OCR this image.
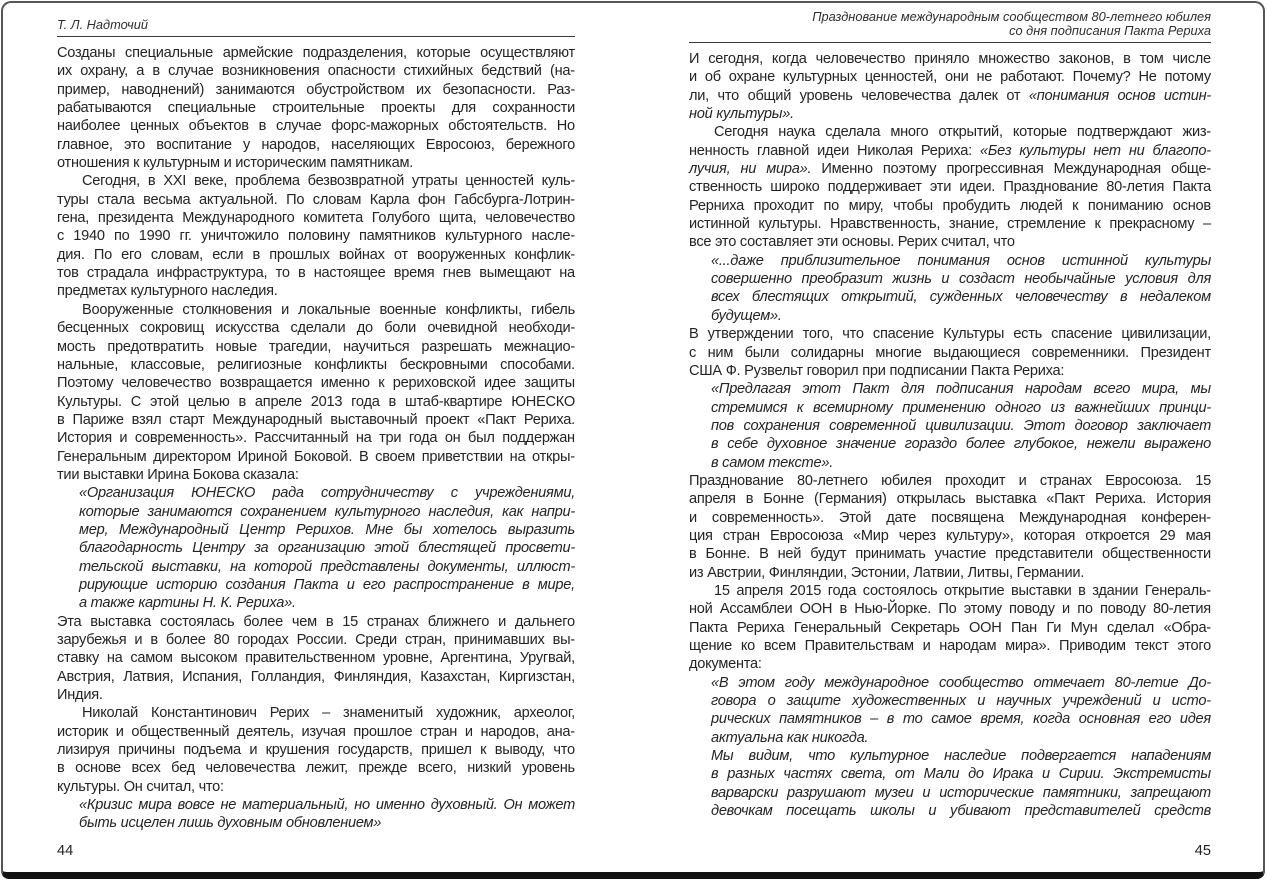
Т. Л. Надточий
Созданы специальные армейские подразделения, которые осуществляют
их охрану, а в случае возникновения опасности стихийных бедствий (на-
пример, наводнений) занимаются обустройством их безопасности. Раз-
рабатываются специальные строительные проекты для сохранности
наиболее ценных объектов в случае форс-мажорных обстоятельств. Но
главное, это воспитание у народов, населяющих Евросоюз, бережного
отношения к культурным и историческим памятникам.
Сегодня, в XXI веке, проблема безвозвратной утраты ценностей куль-
туры стала весьма актуальной. По словам Карла фон Габсбурга-Лотрин-
гена, президента Международного комитета Голубого щита, человечество
с 1940 по 1990 гг. уничтожило половину памятников культурного насле-
дия. По его словам, если в прошлых войнах от вооруженных конфлик-
тов страдала инфраструктура, то в настоящее время гнев вымещают на
предметах культурного наследия.
Вооруженные столкновения и локальные военные конфликты, гибель
бесценных сокровищ искусства сделали до боли очевидной необходи-
мость предотвратить новые трагедии, научиться разрешать межнацио-
нальные, классовые, религиозные конфликты бескровными способами.
Поэтому человечество возвращается именно к рериховской идее защиты
Культуры. С этой целью в апреле 2013 года в штаб-квартире ЮНЕСКО
в Париже взял старт Международный выставочный проект «Пакт Рериха.
История и современность». Рассчитанный на три года он был поддержан
Генеральным директором Ириной Боковой. В своем приветствии на откры-
тии выставки Ирина Бокова сказала:
«Организация ЮНЕСКО рада сотрудничеству с учреждениями,
которые занимаются сохранением культурного наследия, как напри-
мер, Международный Центр Рерихов. Мне бы хотелось выразить
благодарность Центру за организацию этой блестящей просвети-
тельской выставки, на которой представлены документы, иллюст-
рирующие историю создания Пакта и его распространение в мире,
а также картины Н. К. Рериха».
Эта выставка состоялась более чем в 15 странах ближнего и дальнего
зарубежья и в более 80 городах России. Среди стран, принимавших вы-
ставку на самом высоком правительственном уровне, Аргентина, Уругвай,
Австрия, Латвия, Испания, Голландия, Финляндия, Казахстан, Киргизстан,
Индия.
Николай Константинович Рерих – знаменитый художник, археолог,
историк и общественный деятель, изучая прошлое стран и народов, ана-
лизируя причины подъема и крушения государств, пришел к выводу, что
в основе всех бед человечества лежит, прежде всего, низкий уровень
культуры. Он считал, что:
«Кризис мира вовсе не материальный, но именно духовный. Он может
быть исцелен лишь духовным обновлением»
Празднование международным сообществом 80-летнего юбилея
со дня подписания Пакта Рериха
И сегодня, когда человечество приняло множество законов, в том числе
и об охране культурных ценностей, они не работают. Почему? Не потому
ли, что общий уровень человечества далек от «понимания основ истин-
ной культуры».
Сегодня наука сделала много открытий, которые подтверждают жиз-
ненность главной идеи Николая Рериха: «Без культуры нет ни благопо-
лучия, ни мира». Именно поэтому прогрессивная Международная обще-
ственность широко поддерживает эти идеи. Празднование 80-летия Пакта
Рерниха проходит по миру, чтобы пробудить людей к пониманию основ
истинной культуры. Нравственность, знание, стремление к прекрасному –
все это составляет эти основы. Рерих считал, что
«...даже приблизительное понимания основ истинной культуры
совершенно преобразит жизнь и создаст необычайные условия для
всех блестящих открытий, сужденных человечеству в недалеком
будущем».
В утверждении того, что спасение Культуры есть спасение цивилизации,
с ним были солидарны многие выдающиеся современники. Президент
США Ф. Рузвельт говорил при подписании Пакта Рериха:
«Предлагая этот Пакт для подписания народам всего мира, мы
стремимся к всемирному применению одного из важнейших принци-
пов сохранения современной цивилизации. Этот договор заключает
в себе духовное значение гораздо более глубокое, нежели выражено
в самом тексте».
Празднование 80-летнего юбилея проходит и странах Евросоюза. 15
апреля в Бонне (Германия) открылась выставка «Пакт Рериха. История
и современность». Этой дате посвящена Международная конферен-
ция стран Евросоюза «Мир через культуру», которая откроется 29 мая
в Бонне. В ней будут принимать участие представители общественности
из Австрии, Финляндии, Эстонии, Латвии, Литвы, Германии.
15 апреля 2015 года состоялось открытие выставки в здании Генераль-
ной Ассамблеи ООН в Нью-Йорке. По этому поводу и по поводу 80-летия
Пакта Рериха Генеральный Секретарь ООН Пан Ги Мун сделал «Обра-
щение ко всем Правительствам и народам мира». Приводим текст этого
документа:
«В этом году международное сообщество отмечает 80-летие До-
говора о защите художественных и научных учреждений и исто-
рических памятников – в то самое время, когда основная его идея
актуальна как никогда.
Мы видим, что культурное наследие подвергается нападениям
в разных частях света, от Мали до Ирака и Сирии. Экстремисты
варварски разрушают музеи и исторические памятники, запрещают
девочкам посещать школы и убивают представителей средств
44	45
